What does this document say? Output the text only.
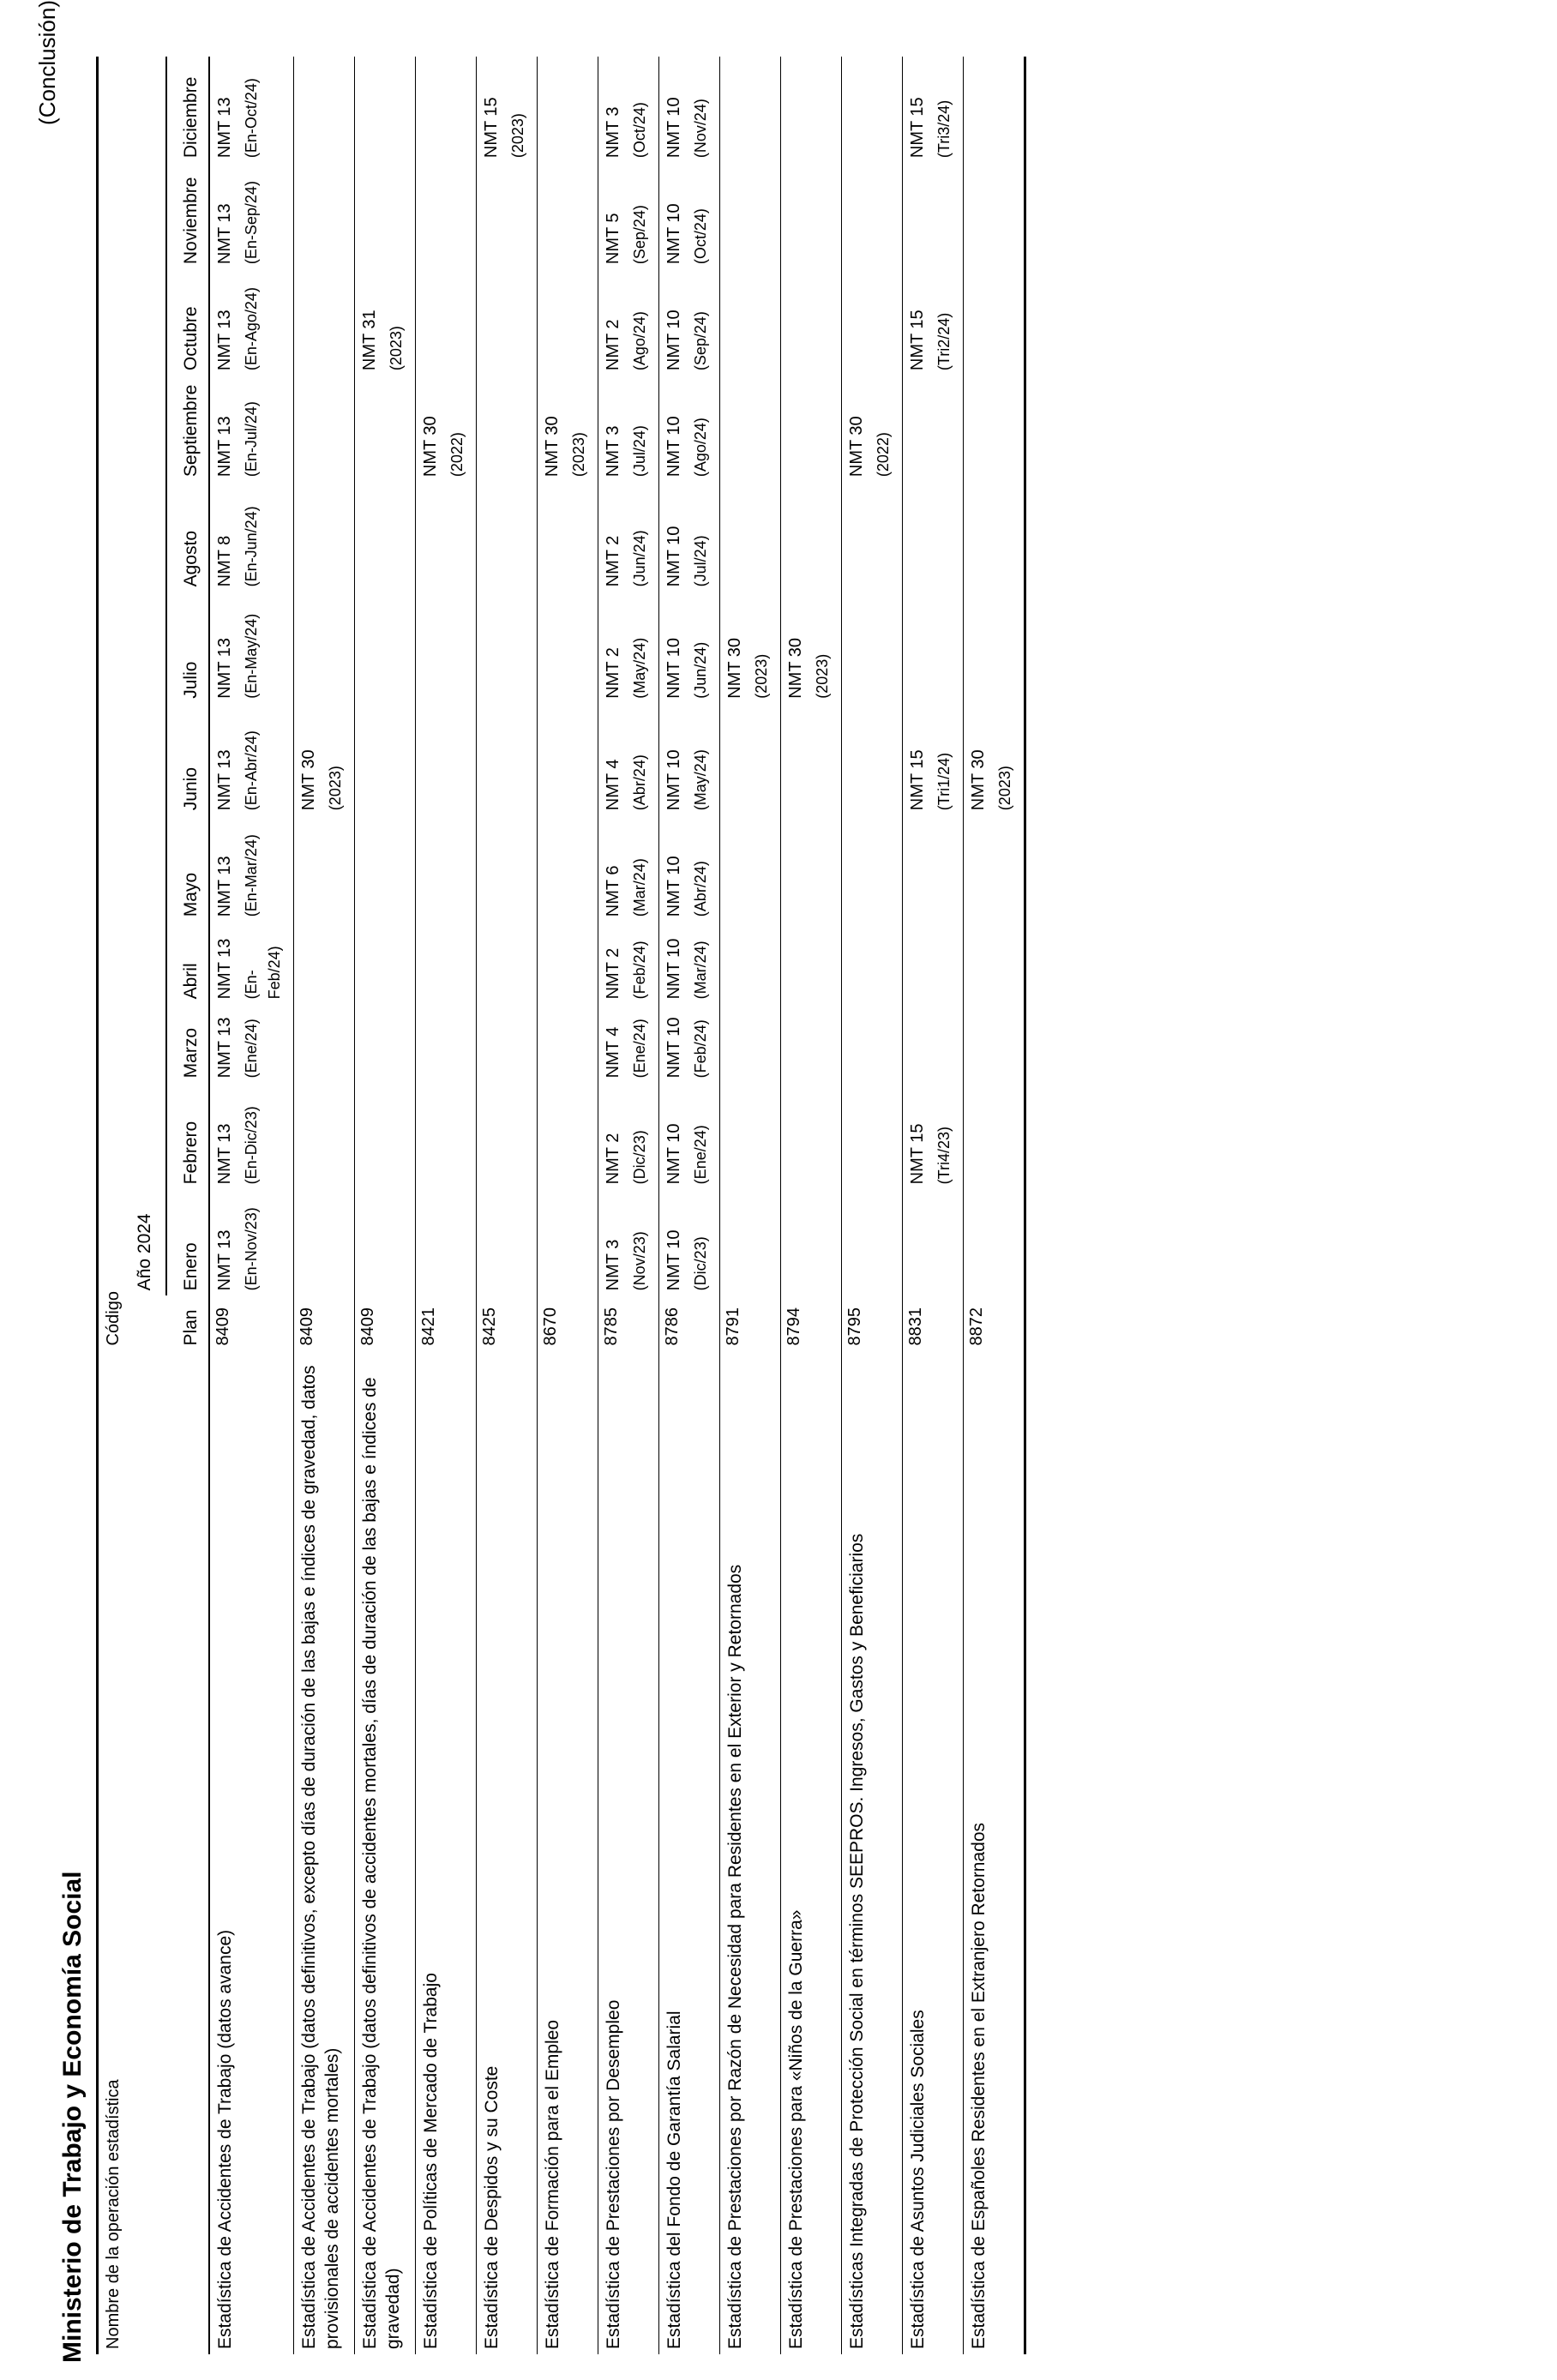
Ministerio de Trabajo y Economía Social
(Conclusión)
Nombre de la operación estadística	Código												
		Año 2024											
	Plan	Enero	Febrero	Marzo	Abril	Mayo	Junio	Julio	Agosto	Septiembre	Octubre	Noviembre	Diciembre
Estadística de Accidentes de Trabajo (datos avance)	8409	NMT 13 (En-Nov/23)	NMT 13 (En-Dic/23)	NMT 13 (Ene/24)	NMT 13 (En-Feb/24)	NMT 13 (En-Mar/24)	NMT 13 (En-Abr/24)	NMT 13 (En-May/24)	NMT 8 (En-Jun/24)	NMT 13 (En-Jul/24)	NMT 13 (En-Ago/24)	NMT 13 (En-Sep/24)	NMT 13 (En-Oct/24)

Estadística de Accidentes de Trabajo (datos definitivos, excepto días de duración de las bajas e índices de gravedad, datos provisionales de accidentes mortales)	8409						NMT 30 (2023)						

Estadística de Accidentes de Trabajo (datos definitivos de accidentes mortales, días de duración de las bajas e índices de gravedad)	8409										NMT 31 (2023)		

Estadística de Políticas de Mercado de Trabajo	8421									NMT 30 (2022)			

Estadística de Despidos y su Coste	8425												NMT 15 (2023)

Estadística de Formación para el Empleo	8670									NMT 30 (2023)			

Estadística de Prestaciones por Desempleo	8785	NMT 3 (Nov/23)	NMT 2 (Dic/23)	NMT 4 (Ene/24)	NMT 2 (Feb/24)	NMT 6 (Mar/24)	NMT 4 (Abr/24)	NMT 2 (May/24)	NMT 2 (Jun/24)	NMT 3 (Jul/24)	NMT 2 (Ago/24)	NMT 5 (Sep/24)	NMT 3 (Oct/24)

Estadística del Fondo de Garantía Salarial	8786	NMT 10 (Dic/23)	NMT 10 (Ene/24)	NMT 10 (Feb/24)	NMT 10 (Mar/24)	NMT 10 (Abr/24)	NMT 10 (May/24)	NMT 10 (Jun/24)	NMT 10 (Jul/24)	NMT 10 (Ago/24)	NMT 10 (Sep/24)	NMT 10 (Oct/24)	NMT 10 (Nov/24)

Estadística de Prestaciones por Razón de Necesidad para Residentes en el Exterior y Retornados	8791							NMT 30 (2023)					

Estadística de Prestaciones para «Niños de la Guerra»	8794							NMT 30 (2023)					

Estadísticas Integradas de Protección Social en términos SEEPROS. Ingresos, Gastos y Beneficiarios	8795									NMT 30 (2022)			

Estadística de Asuntos Judiciales Sociales	8831		NMT 15 (Tri4/23)				NMT 15 (Tri1/24)				NMT 15 (Tri2/24)		NMT 15 (Tri3/24)

Estadística de Españoles Residentes en el Extranjero Retornados	8872						NMT 30 (2023)						
